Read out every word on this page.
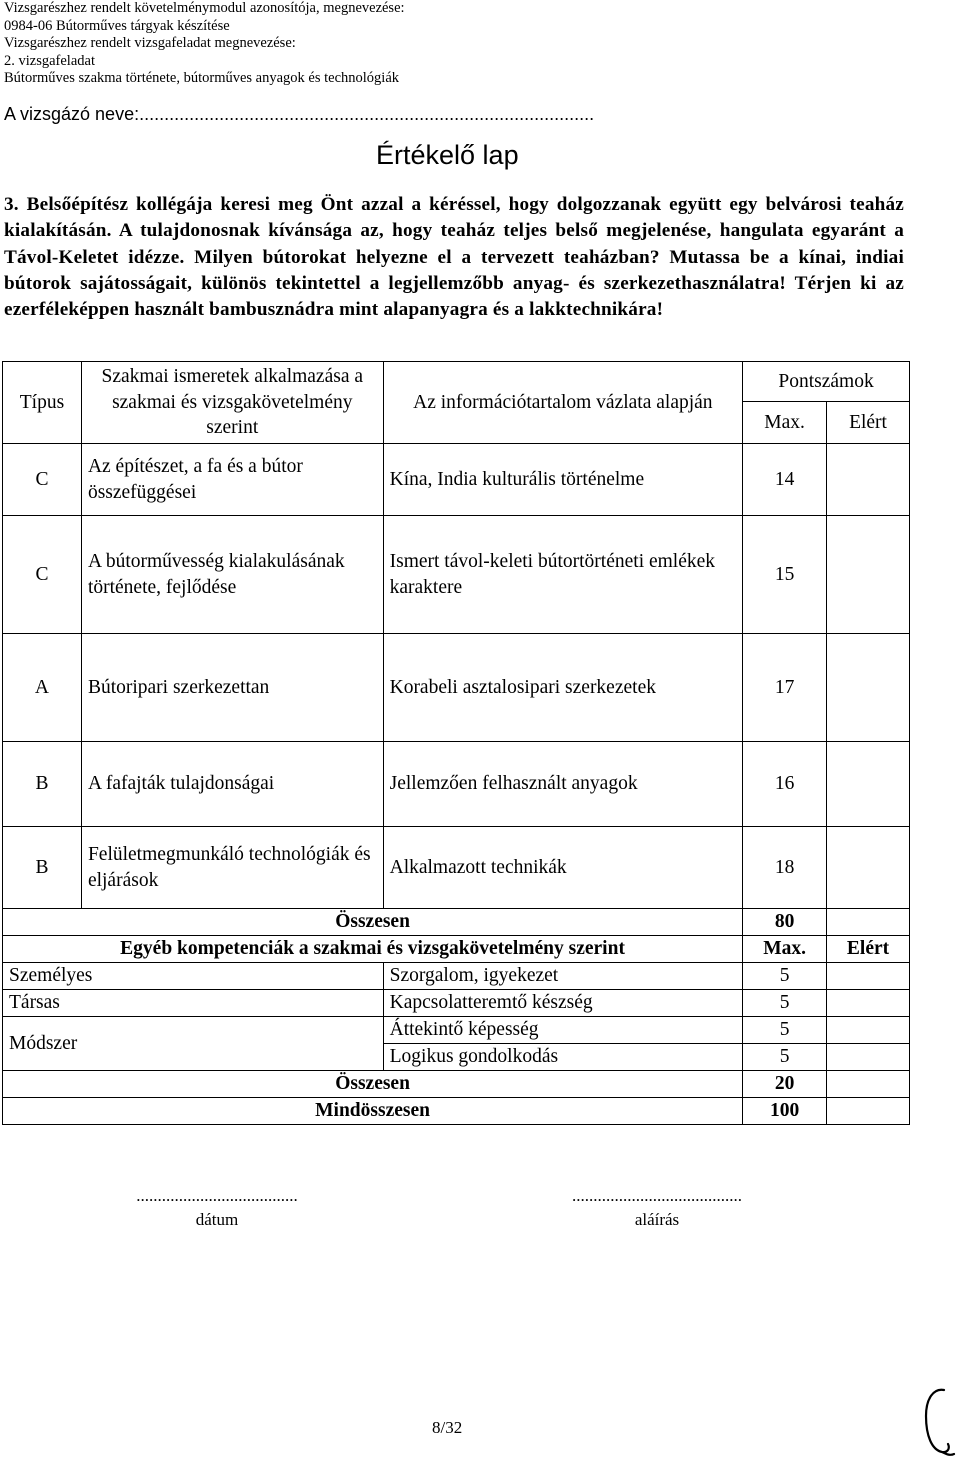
Vizsgarészhez rendelt követelménymodul azonosítója, megnevezése:
0984-06 Bútorműves tárgyak készítése
Vizsgarészhez rendelt vizsgafeladat megnevezése:
2. vizsgafeladat
Bútorműves szakma története, bútorműves anyagok és technológiák
A vizsgázó neve:...........................................................................................
Értékelő lap
3. Belsőépítész kollégája keresi meg Önt azzal a kéréssel, hogy dolgozzanak együtt egy belvárosi teaház kialakításán. A tulajdonosnak kívánsága az, hogy teaház teljes belső megjelenése, hangulata egyaránt a Távol-Keletet idézze. Milyen bútorokat helyezne el a tervezett teaházban? Mutassa be a kínai, indiai bútorok sajátosságait, különös tekintettel a legjellemzőbb anyag- és szerkezethasználatra! Térjen ki az ezerféleképpen használt bambusznádra mint alapanyagra és a lakktechnikára!
Típus	Szakmai ismeretek alkalmazása a szakmai és vizsgakövetelmény szerint	Az információtartalom vázlata alapján	Pontszámok	
			Max.	Elért
C	Az építészet, a fa és a bútor összefüggései	Kína, India kulturális történelme	14	
C	A bútorművesség kialakulásának története, fejlődése	Ismert távol-keleti bútortörténeti emlékek karaktere	15	
A	Bútoripari szerkezettan	Korabeli asztalosipari szerkezetek	17	
B	A fafajták tulajdonságai	Jellemzően felhasznált anyagok	16	
B	Felületmegmunkáló technológiák és eljárások	Alkalmazott technikák	18	
Összesen			80	
Egyéb kompetenciák a szakmai és vizsgakövetelmény szerint			Max.	Elért
Személyes		Szorgalom, igyekezet	5	
Társas		Kapcsolatteremtő készség	5	
Módszer		Áttekintő képesség	5	
		Logikus gondolkodás	5	
Összesen			20	
Mindösszesen			100	
......................................
dátum
........................................
aláírás
8/32
